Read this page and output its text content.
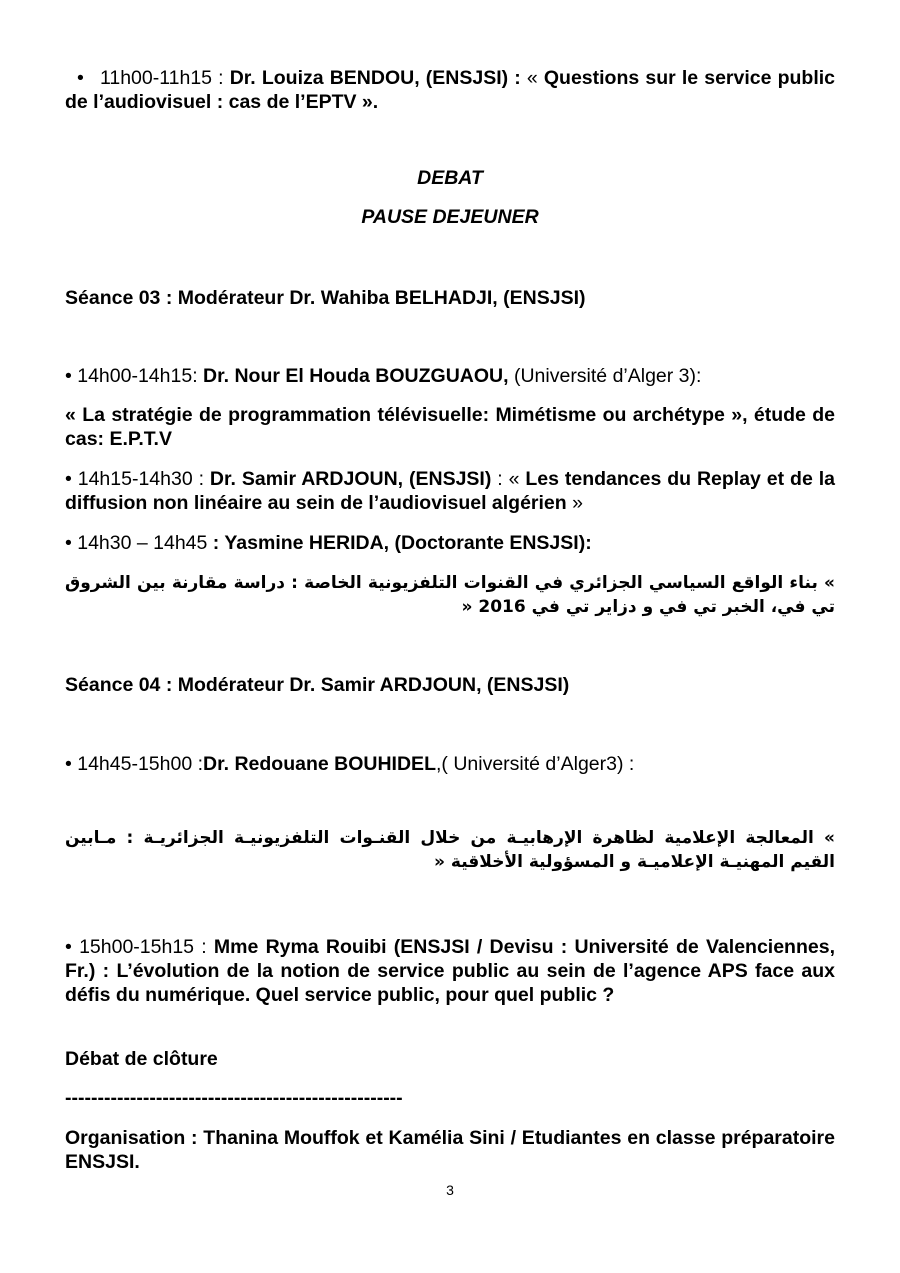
• 11h00-11h15 : Dr. Louiza BENDOU, (ENSJSI) : « Questions sur le service public de l’audiovisuel : cas de l’EPTV ».
DEBAT
PAUSE DEJEUNER
Séance 03 : Modérateur Dr. Wahiba BELHADJI, (ENSJSI)
• 14h00-14h15: Dr. Nour El Houda BOUZGUAOU, (Université d’Alger 3):
« La stratégie de programmation télévisuelle: Mimétisme ou archétype », étude de cas: E.P.T.V
• 14h15-14h30 : Dr. Samir ARDJOUN, (ENSJSI) : « Les tendances du Replay et de la diffusion non linéaire au sein de l’audiovisuel algérien »
• 14h30 – 14h45 : Yasmine HERIDA, (Doctorante ENSJSI):
» بناء الواقع السياسي الجزائري في القنوات التلفزيونية الخاصة : دراسة مقارنة بين الشروق تي في، الخبر تي في و دزاير تي في 2016 «
Séance 04 : Modérateur Dr. Samir ARDJOUN, (ENSJSI)
• 14h45-15h00 :Dr. Redouane BOUHIDEL,( Université d’Alger3) :
» المعالجة الإعلامية لظاهرة الإرهابيـة من خلال القنـوات التلفزيونيـة الجزائريـة : مـابين القيم المهنيـة الإعلاميـة و المسؤولية الأخلاقية «
• 15h00-15h15 : Mme Ryma Rouibi (ENSJSI / Devisu : Université de Valenciennes, Fr.) : L’évolution de la notion de service public au sein de l’agence APS face aux défis du numérique. Quel service public, pour quel public ?
Débat de clôture
----------------------------------------------------
Organisation : Thanina Mouffok et Kamélia Sini / Etudiantes en classe préparatoire ENSJSI.
3
